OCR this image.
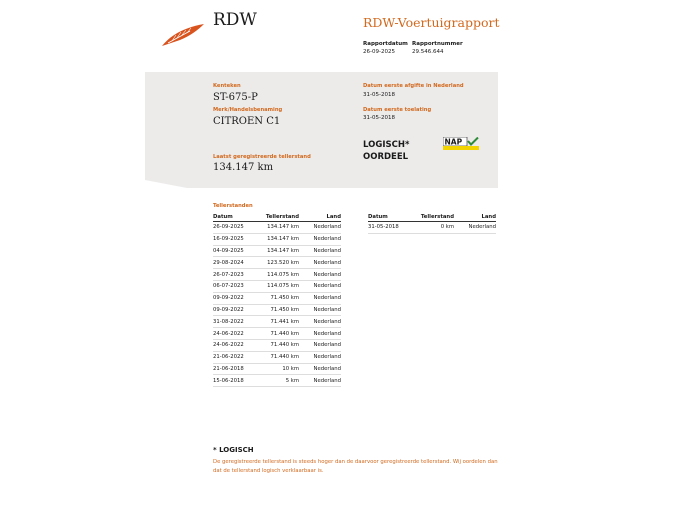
RDW	RDW-Voertuigrapport
Rapportdatum
26-09-2025
Rapportnummer
29.546.644
Kenteken
ST-675-P
Merk/Handelsbenaming
CITROEN C1
Laatst geregistreerde tellerstand
134.147 km
Datum eerste afgifte in Nederland
31-05-2018
Datum eerste toelating
31-05-2018
LOGISCH*
OORDEEL
NAP
Tellerstanden
Datum	Tellerstand	Land
26-09-2025	134.147 km	Nederland
16-09-2025	134.147 km	Nederland
04-09-2025	134.147 km	Nederland
29-08-2024	123.520 km	Nederland
26-07-2023	114.075 km	Nederland
06-07-2023	114.075 km	Nederland
09-09-2022	71.450 km	Nederland
09-09-2022	71.450 km	Nederland
31-08-2022	71.441 km	Nederland
24-06-2022	71.440 km	Nederland
24-06-2022	71.440 km	Nederland
21-06-2022	71.440 km	Nederland
21-06-2018	10 km	Nederland
15-06-2018	5 km	Nederland
Datum	Tellerstand	Land
31-05-2018	0 km	Nederland
* LOGISCH
De geregistreerde tellerstand is steeds hoger dan de daarvoor geregistreerde tellerstand. Wij oordelen dan dat de tellerstand logisch verklaarbaar is.
